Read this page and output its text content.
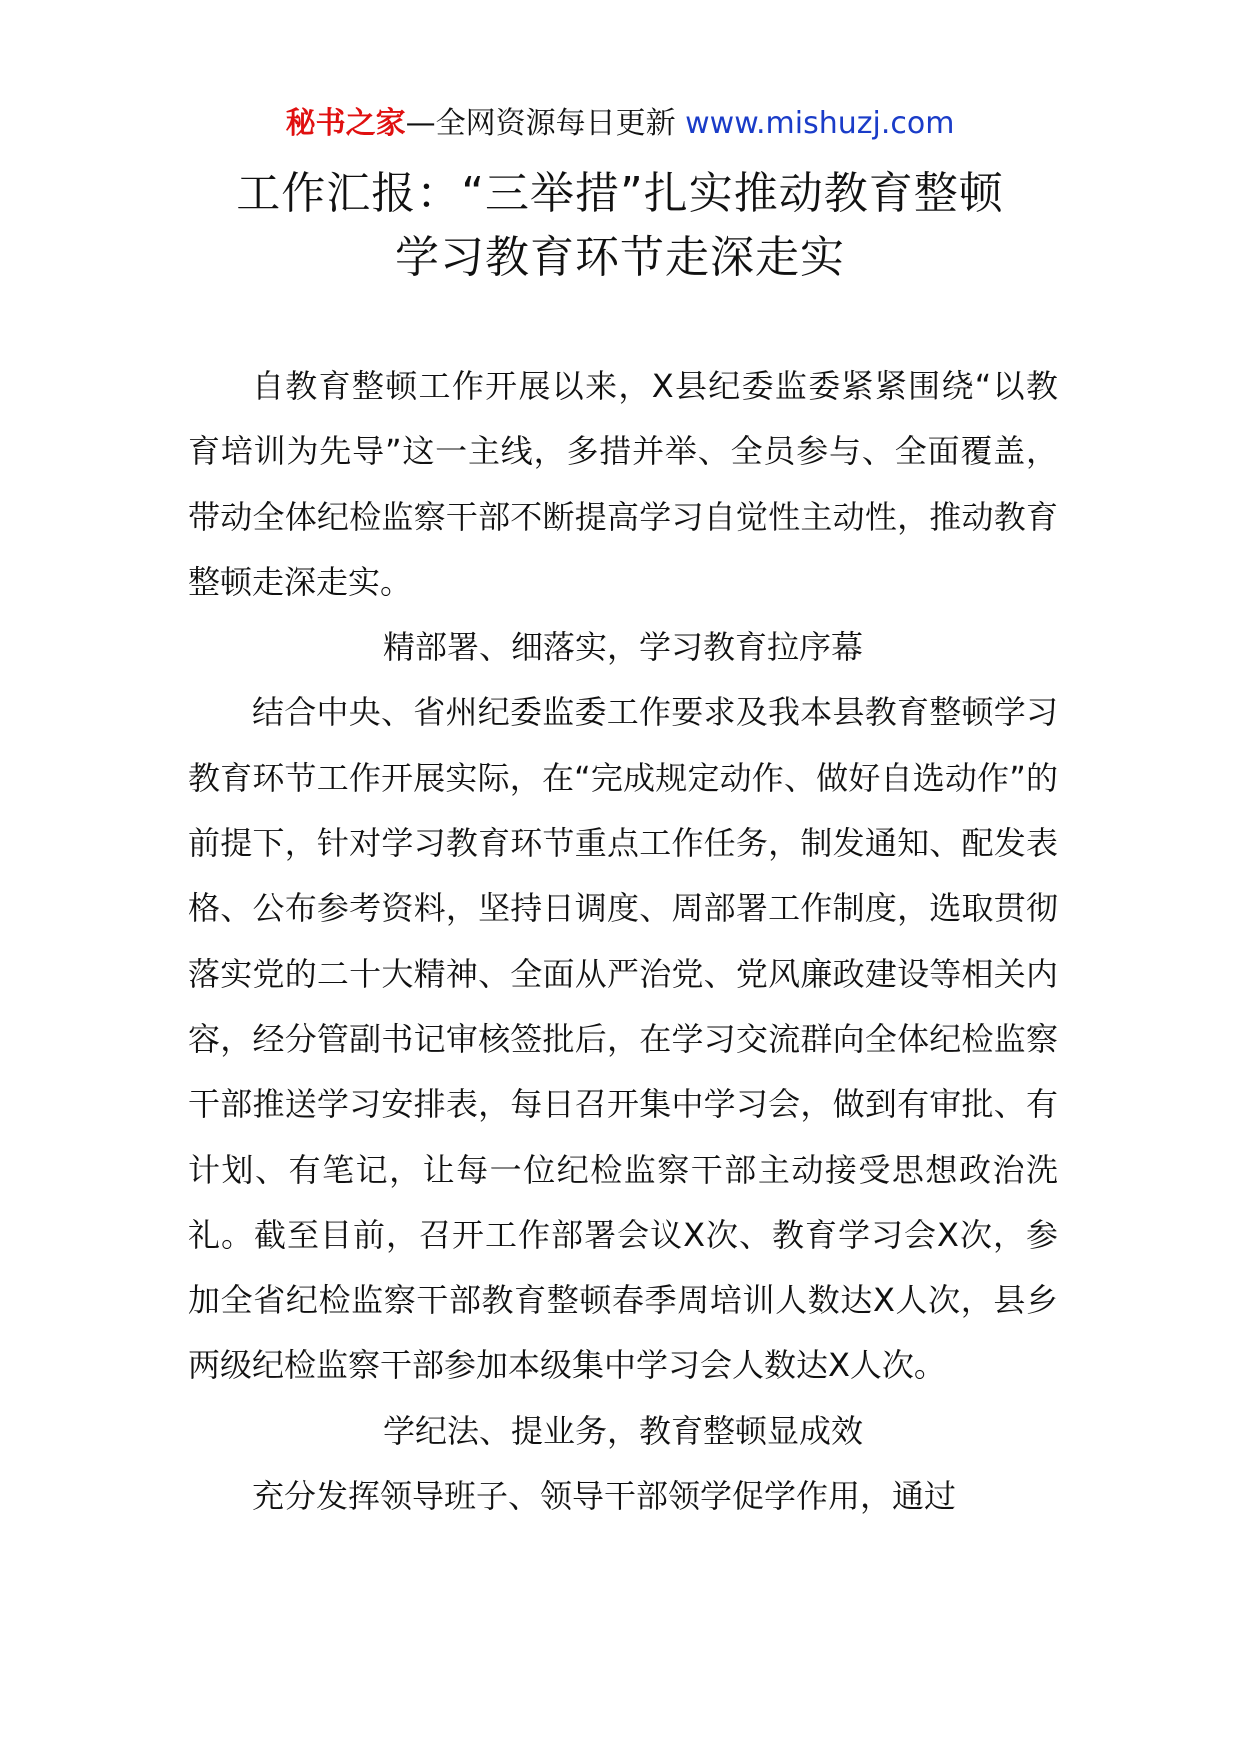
秘书之家—全网资源每日更新 www.mishuzj.com
工作汇报：“三举措”扎实推动教育整顿
学习教育环节走深走实

自教育整顿工作开展以来，X县纪委监委紧紧围绕“以教育培训为先导”这一主线，多措并举、全员参与、全面覆盖，带动全体纪检监察干部不断提高学习自觉性主动性，推动教育整顿走深走实。

精部署、细落实，学习教育拉序幕

结合中央、省州纪委监委工作要求及我本县教育整顿学习教育环节工作开展实际，在“完成规定动作、做好自选动作”的前提下，针对学习教育环节重点工作任务，制发通知、配发表格、公布参考资料，坚持日调度、周部署工作制度，选取贯彻落实党的二十大精神、全面从严治党、党风廉政建设等相关内容，经分管副书记审核签批后，在学习交流群向全体纪检监察干部推送学习安排表，每日召开集中学习会，做到有审批、有计划、有笔记，让每一位纪检监察干部主动接受思想政治洗礼。截至目前，召开工作部署会议X次、教育学习会X次，参加全省纪检监察干部教育整顿春季周培训人数达X人次，县乡两级纪检监察干部参加本级集中学习会人数达X人次。

学纪法、提业务，教育整顿显成效

充分发挥领导班子、领导干部领学促学作用，通过
